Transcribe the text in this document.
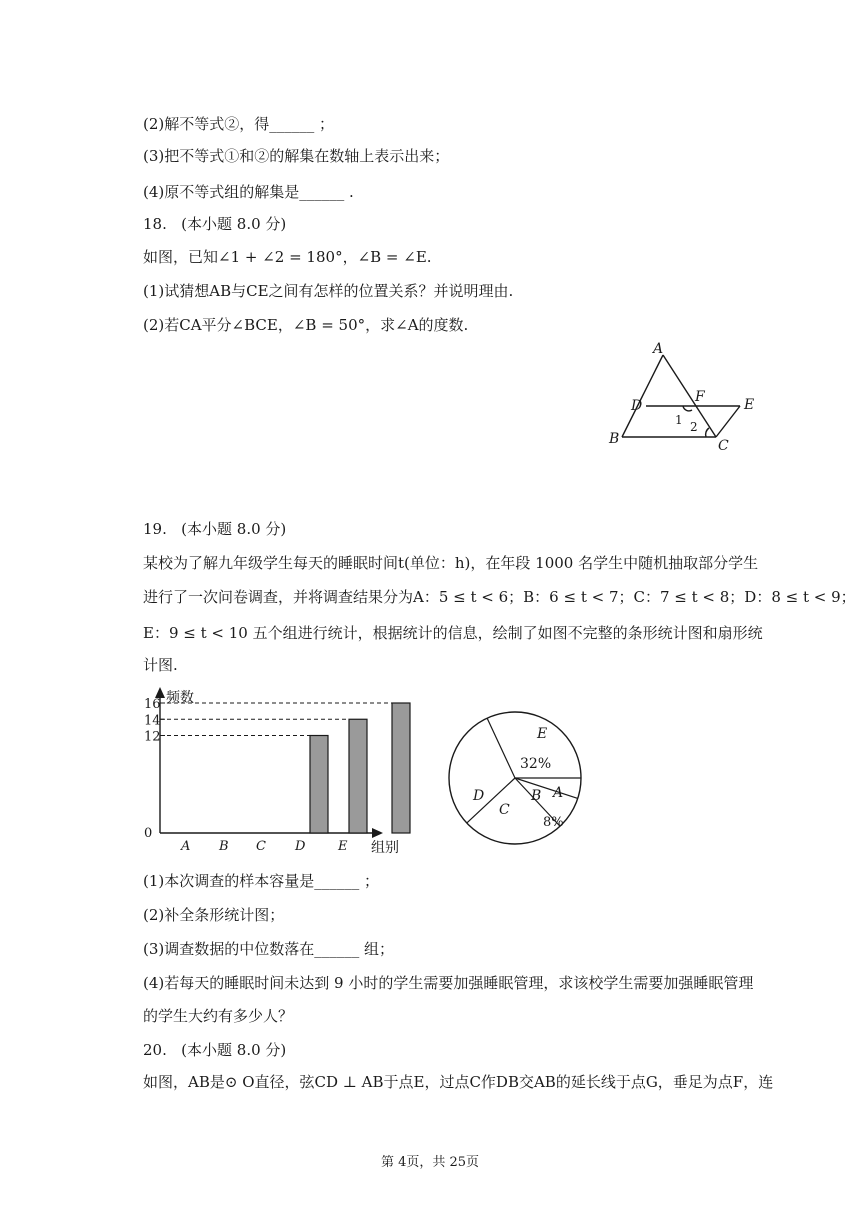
(2)解不等式②，得______ ；
(3)把不等式①和②的解集在数轴上表示出来；
(4)原不等式组的解集是______ .
18.   (本小题 8.0 分)
如图，已知∠1 + ∠2 = 180°，∠B = ∠E.
(1)试猜想AB与CE之间有怎样的位置关系？并说明理由.
(2)若CA平分∠BCE，∠B = 50°，求∠A的度数.
A
D
F	E
B	C
1 2
19.   (本小题 8.0 分)
某校为了解九年级学生每天的睡眠时间t(单位：h)，在年段 1000 名学生中随机抽取部分学生
进行了一次问卷调查，并将调查结果分为A：5 ≤ t < 6；B：6 ≤ t < 7；C：7 ≤ t < 8；D：8 ≤ t < 9；
E：9 ≤ t < 10 五个组进行统计，根据统计的信息，绘制了如图不完整的条形统计图和扇形统
计图.
0
12
14
16
A B C D	E
频数
组别
E
A
B
C
D
32%
8%
(1)本次调查的样本容量是______ ；
(2)补全条形统计图；
(3)调查数据的中位数落在______ 组；
(4)若每天的睡眠时间未达到 9 小时的学生需要加强睡眠管理，求该校学生需要加强睡眠管理
的学生大约有多少人？
20.   (本小题 8.0 分)
如图，AB是⊙ O直径，弦CD ⊥ AB于点E，过点C作DB交AB的延长线于点G，垂足为点F，连
第 4页，共 25页
